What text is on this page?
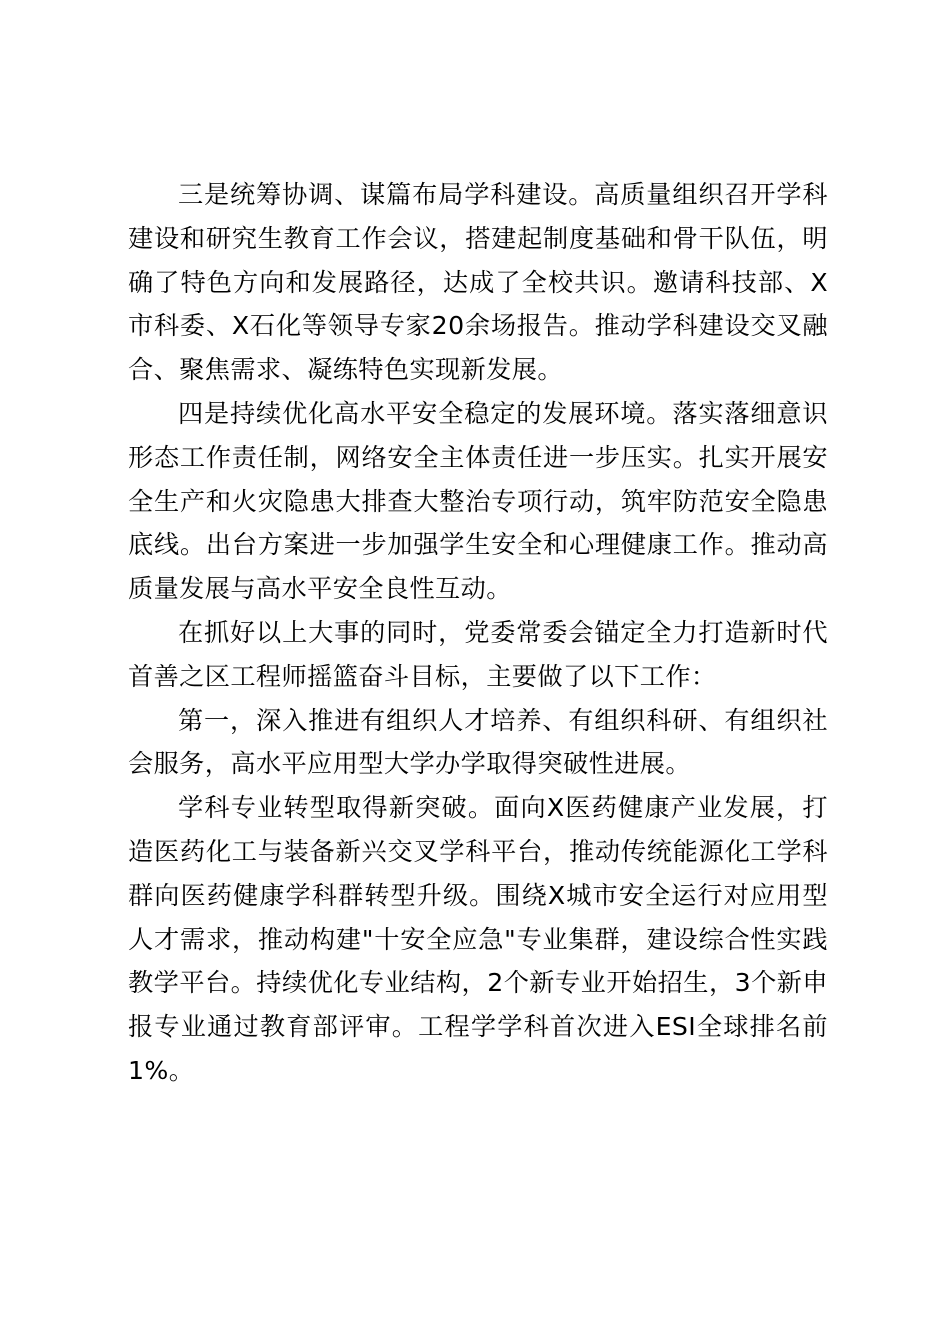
三是统筹协调、谋篇布局学科建设。高质量组织召开学科建设和研究生教育工作会议，搭建起制度基础和骨干队伍，明确了特色方向和发展路径，达成了全校共识。邀请科技部、X市科委、X石化等领导专家20余场报告。推动学科建设交叉融合、聚焦需求、凝练特色实现新发展。

四是持续优化高水平安全稳定的发展环境。落实落细意识形态工作责任制，网络安全主体责任进一步压实。扎实开展安全生产和火灾隐患大排查大整治专项行动，筑牢防范安全隐患底线。出台方案进一步加强学生安全和心理健康工作。推动高质量发展与高水平安全良性互动。

在抓好以上大事的同时，党委常委会锚定全力打造新时代首善之区工程师摇篮奋斗目标，主要做了以下工作：

第一，深入推进有组织人才培养、有组织科研、有组织社会服务，高水平应用型大学办学取得突破性进展。

学科专业转型取得新突破。面向X医药健康产业发展，打造医药化工与装备新兴交叉学科平台，推动传统能源化工学科群向医药健康学科群转型升级。围绕X城市安全运行对应用型人才需求，推动构建"十安全应急"专业集群，建设综合性实践教学平台。持续优化专业结构，2个新专业开始招生，3个新申报专业通过教育部评审。工程学学科首次进入ESI全球排名前1%。
